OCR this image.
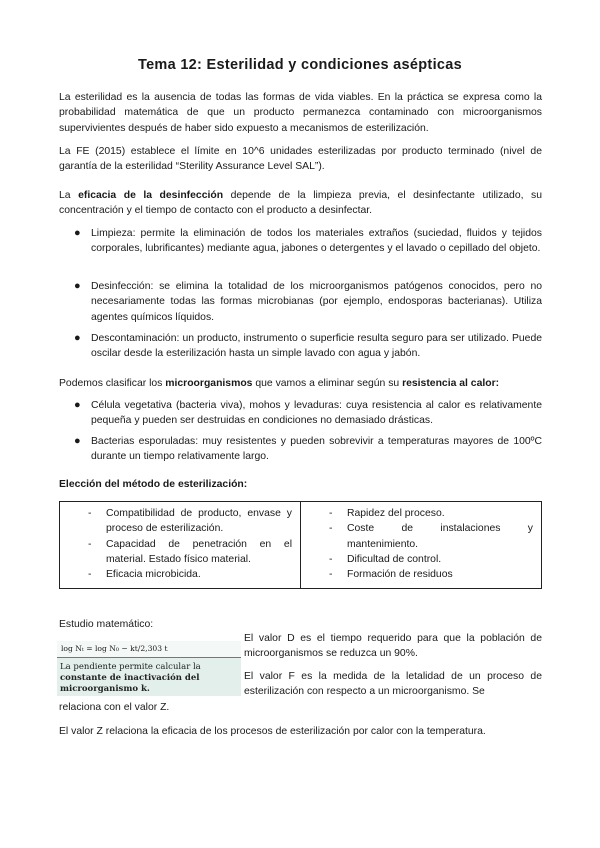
Tema 12: Esterilidad y condiciones asépticas
La esterilidad es la ausencia de todas las formas de vida viables. En la práctica se expresa como la probabilidad matemática de que un producto permanezca contaminado con microorganismos supervivientes después de haber sido expuesto a mecanismos de esterilización.
La FE (2015) establece el límite en 10^6 unidades esterilizadas por producto terminado (nivel de garantía de la esterilidad “Sterility Assurance Level SAL”).
La eficacia de la desinfección depende de la limpieza previa, el desinfectante utilizado, su concentración y el tiempo de contacto con el producto a desinfectar.
● Limpieza: permite la eliminación de todos los materiales extraños (suciedad, fluidos y tejidos corporales, lubrificantes) mediante agua, jabones o detergentes y el lavado o cepillado del objeto.
● Desinfección: se elimina la totalidad de los microorganismos patógenos conocidos, pero no necesariamente todas las formas microbianas (por ejemplo, endosporas bacterianas). Utiliza agentes químicos líquidos.
● Descontaminación: un producto, instrumento o superficie resulta seguro para ser utilizado. Puede oscilar desde la esterilización hasta un simple lavado con agua y jabón.
Podemos clasificar los microorganismos que vamos a eliminar según su resistencia al calor:
● Célula vegetativa (bacteria viva), mohos y levaduras: cuya resistencia al calor es relativamente pequeña y pueden ser destruidas en condiciones no demasiado drásticas.
● Bacterias esporuladas: muy resistentes y pueden sobrevivir a temperaturas mayores de 100ºC durante un tiempo relativamente largo.
Elección del método de esterilización:
- Compatibilidad de producto, envase y proceso de esterilización.
- Capacidad de penetración en el material. Estado físico material.
- Eficacia microbicida.

- Rapidez del proceso.
- Coste de instalaciones y mantenimiento.
- Dificultad de control.
- Formación de residuos
Estudio matemático:
log Nₜ = log N₀ − kt/2,303 t
La pendiente permite calcular la constante de inactivación del microorganismo k.
El valor D es el tiempo requerido para que la población de microorganismos se reduzca un 90%.
El valor F es la medida de la letalidad de un proceso de esterilización con respecto a un microorganismo. Se
relaciona con el valor Z.
El valor Z relaciona la eficacia de los procesos de esterilización por calor con la temperatura.
